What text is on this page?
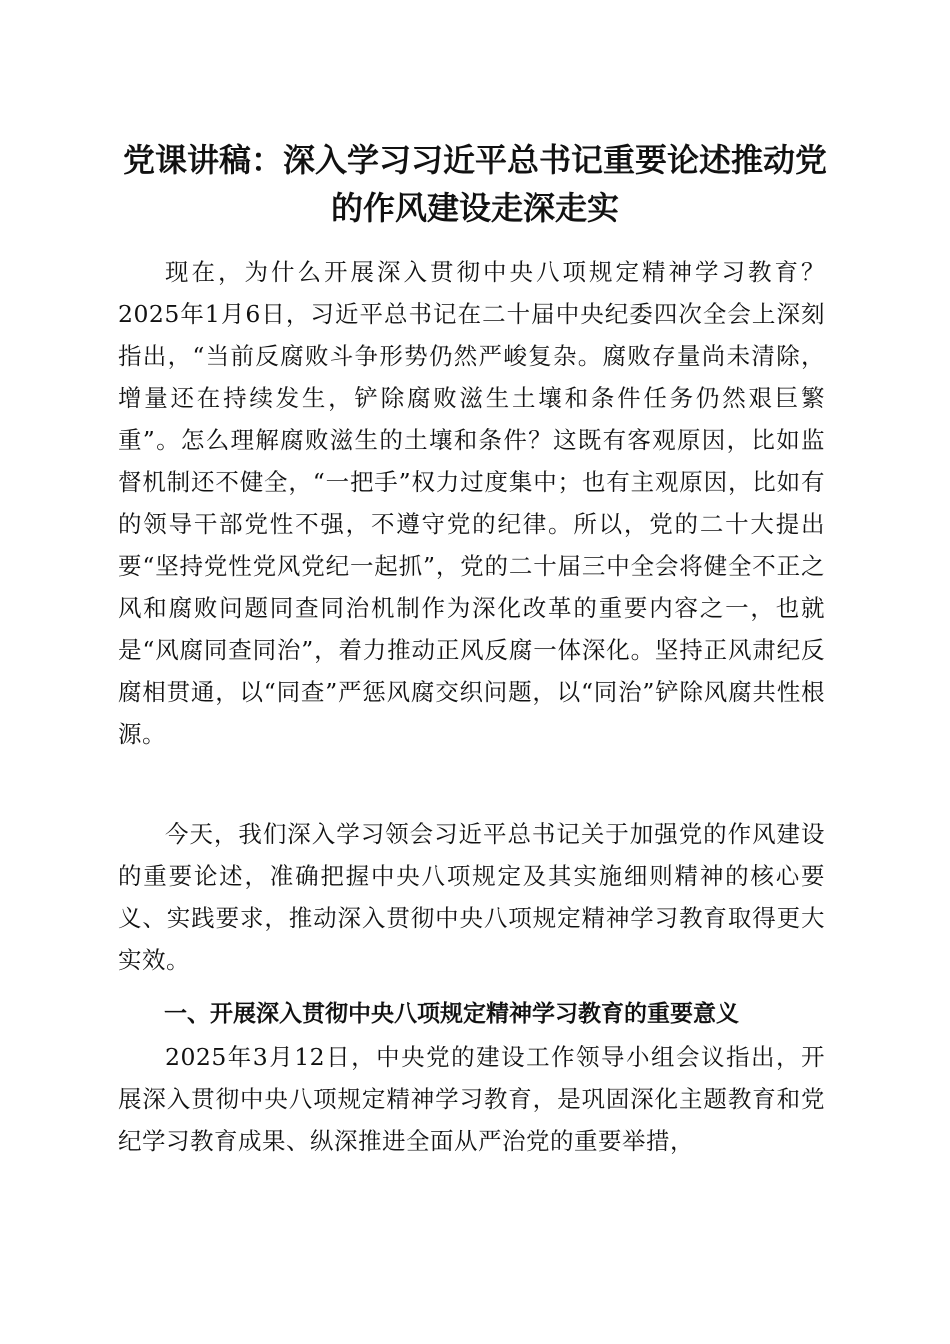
党课讲稿：深入学习习近平总书记重要论述推动党的作风建设走深走实

现在，为什么开展深入贯彻中央八项规定精神学习教育？2025年1月6日，习近平总书记在二十届中央纪委四次全会上深刻指出，“当前反腐败斗争形势仍然严峻复杂。腐败存量尚未清除，增量还在持续发生，铲除腐败滋生土壤和条件任务仍然艰巨繁重”。怎么理解腐败滋生的土壤和条件？这既有客观原因，比如监督机制还不健全，“一把手”权力过度集中；也有主观原因，比如有的领导干部党性不强，不遵守党的纪律。所以，党的二十大提出要“坚持党性党风党纪一起抓”，党的二十届三中全会将健全不正之风和腐败问题同查同治机制作为深化改革的重要内容之一，也就是“风腐同查同治”，着力推动正风反腐一体深化。坚持正风肃纪反腐相贯通，以“同查”严惩风腐交织问题，以“同治”铲除风腐共性根源。

今天，我们深入学习领会习近平总书记关于加强党的作风建设的重要论述，准确把握中央八项规定及其实施细则精神的核心要义、实践要求，推动深入贯彻中央八项规定精神学习教育取得更大实效。

一、开展深入贯彻中央八项规定精神学习教育的重要意义

2025年3月12日，中央党的建设工作领导小组会议指出，开展深入贯彻中央八项规定精神学习教育，是巩固深化主题教育和党纪学习教育成果、纵深推进全面从严治党的重要举措，
